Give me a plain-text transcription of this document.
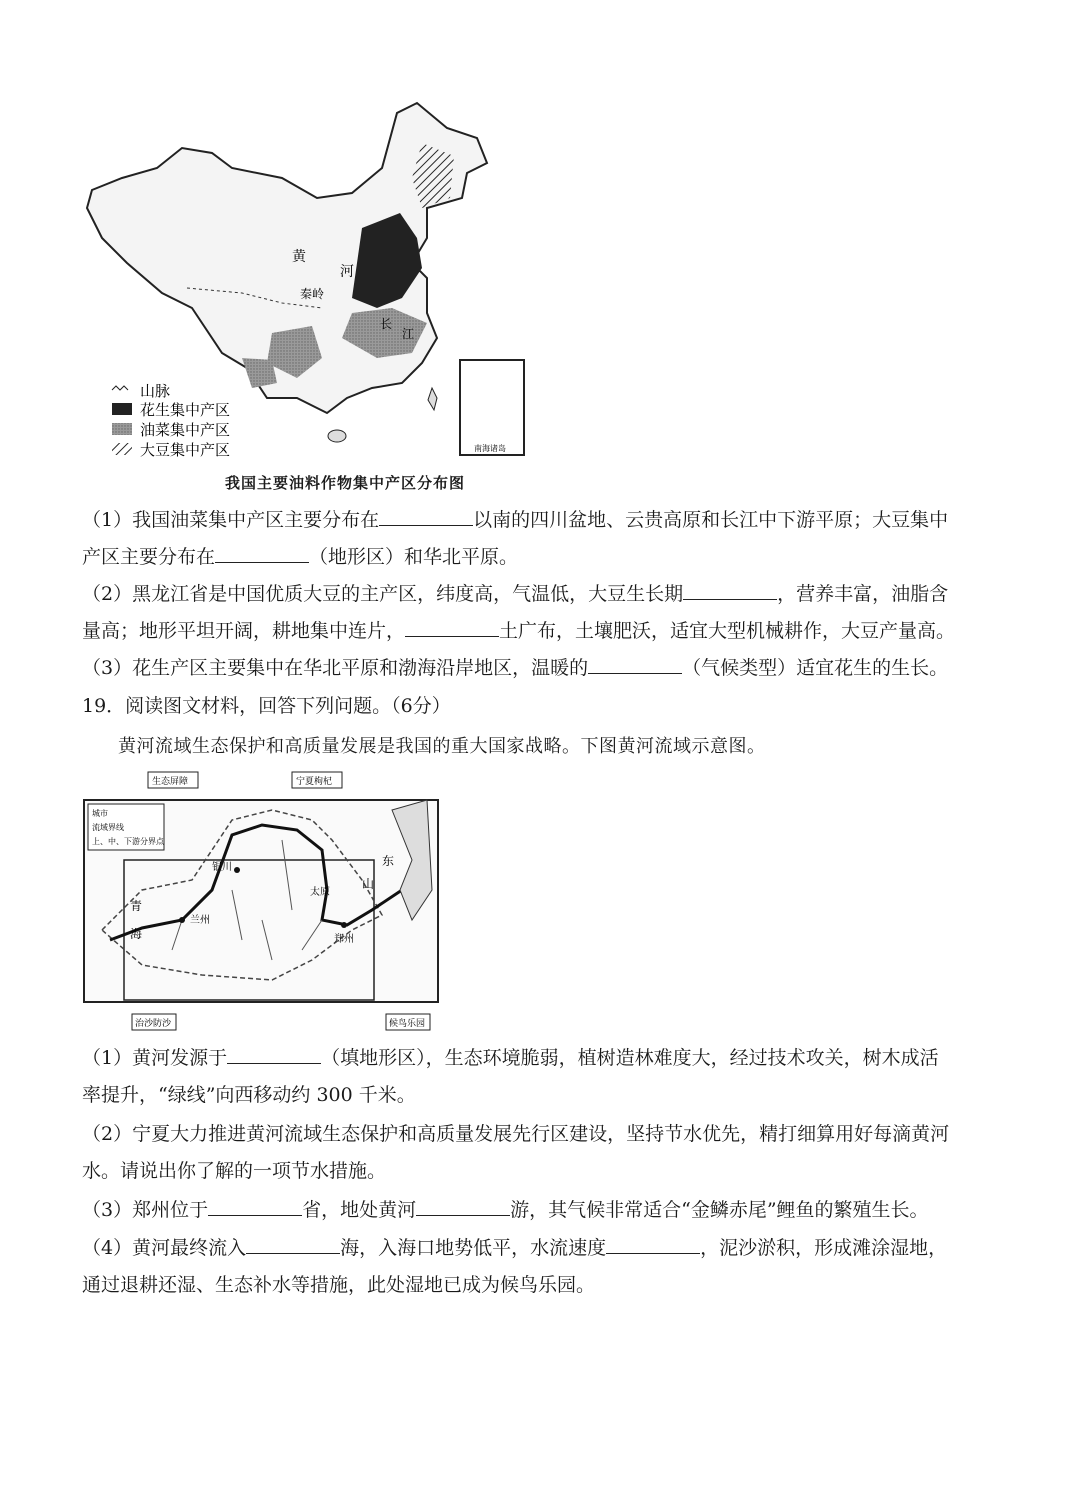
黄
河
秦岭
长
江
南海诸岛
山脉
花生集中产区
油菜集中产区
大豆集中产区
我国主要油料作物集中产区分布图
（1）我国油菜集中产区主要分布在	以南的四川盆地、云贵高原和长江中下游平原；大豆集中
产区主要分布在	（地形区）和华北平原。
（2）黑龙江省是中国优质大豆的主产区，纬度高，气温低，大豆生长期	，营养丰富，油脂含
量高；地形平坦开阔，耕地集中连片，	土广布，土壤肥沃，适宜大型机械耕作，大豆产量高。
（3）花生产区主要集中在华北平原和渤海沿岸地区，温暖的	（气候类型）适宜花生的生长。
19．阅读图文材料，回答下列问题。（6分）
黄河流域生态保护和高质量发展是我国的重大国家战略。下图黄河流域示意图。
生态屏障	宁夏枸杞
治沙防沙	候鸟乐园
城市
流域界线
上、中、下游分界点
银川
兰州
郑州
太原
青
海
山
东
（1）黄河发源于	（填地形区），生态环境脆弱，植树造林难度大，经过技术攻关，树木成活
率提升，“绿线”向西移动约 300 千米。
（2）宁夏大力推进黄河流域生态保护和高质量发展先行区建设，坚持节水优先，精打细算用好每滴黄河
水。请说出你了解的一项节水措施。
（3）郑州位于	省，地处黄河	游，其气候非常适合“金鳞赤尾”鲤鱼的繁殖生长。
（4）黄河最终流入	海，入海口地势低平，水流速度	，泥沙淤积，形成滩涂湿地，
通过退耕还湿、生态补水等措施，此处湿地已成为候鸟乐园。
